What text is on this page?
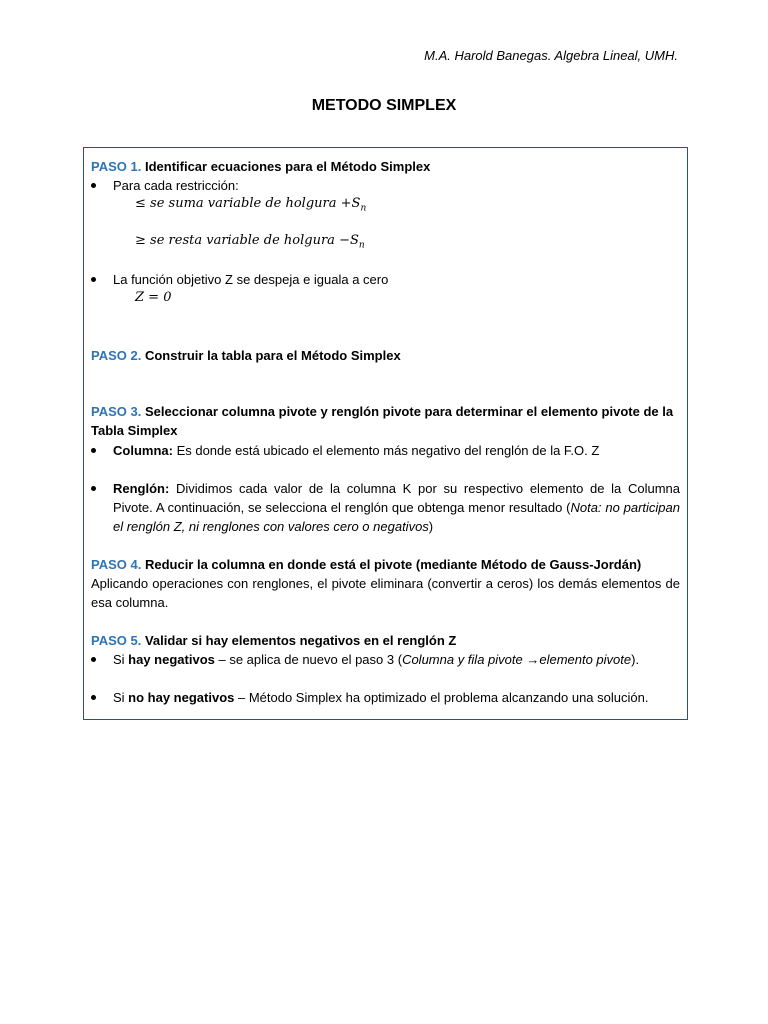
M.A. Harold Banegas. Algebra Lineal, UMH.
METODO SIMPLEX
PASO 1. Identificar ecuaciones para el Método Simplex
Para cada restricción:
≤ se suma variable de holgura $+S_n$
≥ se resta variable de holgura $-S_n$
La función objetivo Z se despeja e iguala a cero
Z = 0
PASO 2. Construir la tabla para el Método Simplex
PASO 3. Seleccionar columna pivote y renglón pivote para determinar el elemento pivote de la Tabla Simplex
Columna: Es donde está ubicado el elemento más negativo del renglón de la F.O. Z
Renglón: Dividimos cada valor de la columna K por su respectivo elemento de la Columna Pivote. A continuación, se selecciona el renglón que obtenga menor resultado (Nota: no participan el renglón Z, ni renglones con valores cero o negativos)
PASO 4. Reducir la columna en donde está el pivote (mediante Método de Gauss-Jordán)
Aplicando operaciones con renglones, el pivote eliminara (convertir a ceros) los demás elementos de esa columna.
PASO 5. Validar si hay elementos negativos en el renglón Z
Si hay negativos – se aplica de nuevo el paso 3 (Columna y fila pivote →elemento pivote).
Si no hay negativos – Método Simplex ha optimizado el problema alcanzando una solución.
